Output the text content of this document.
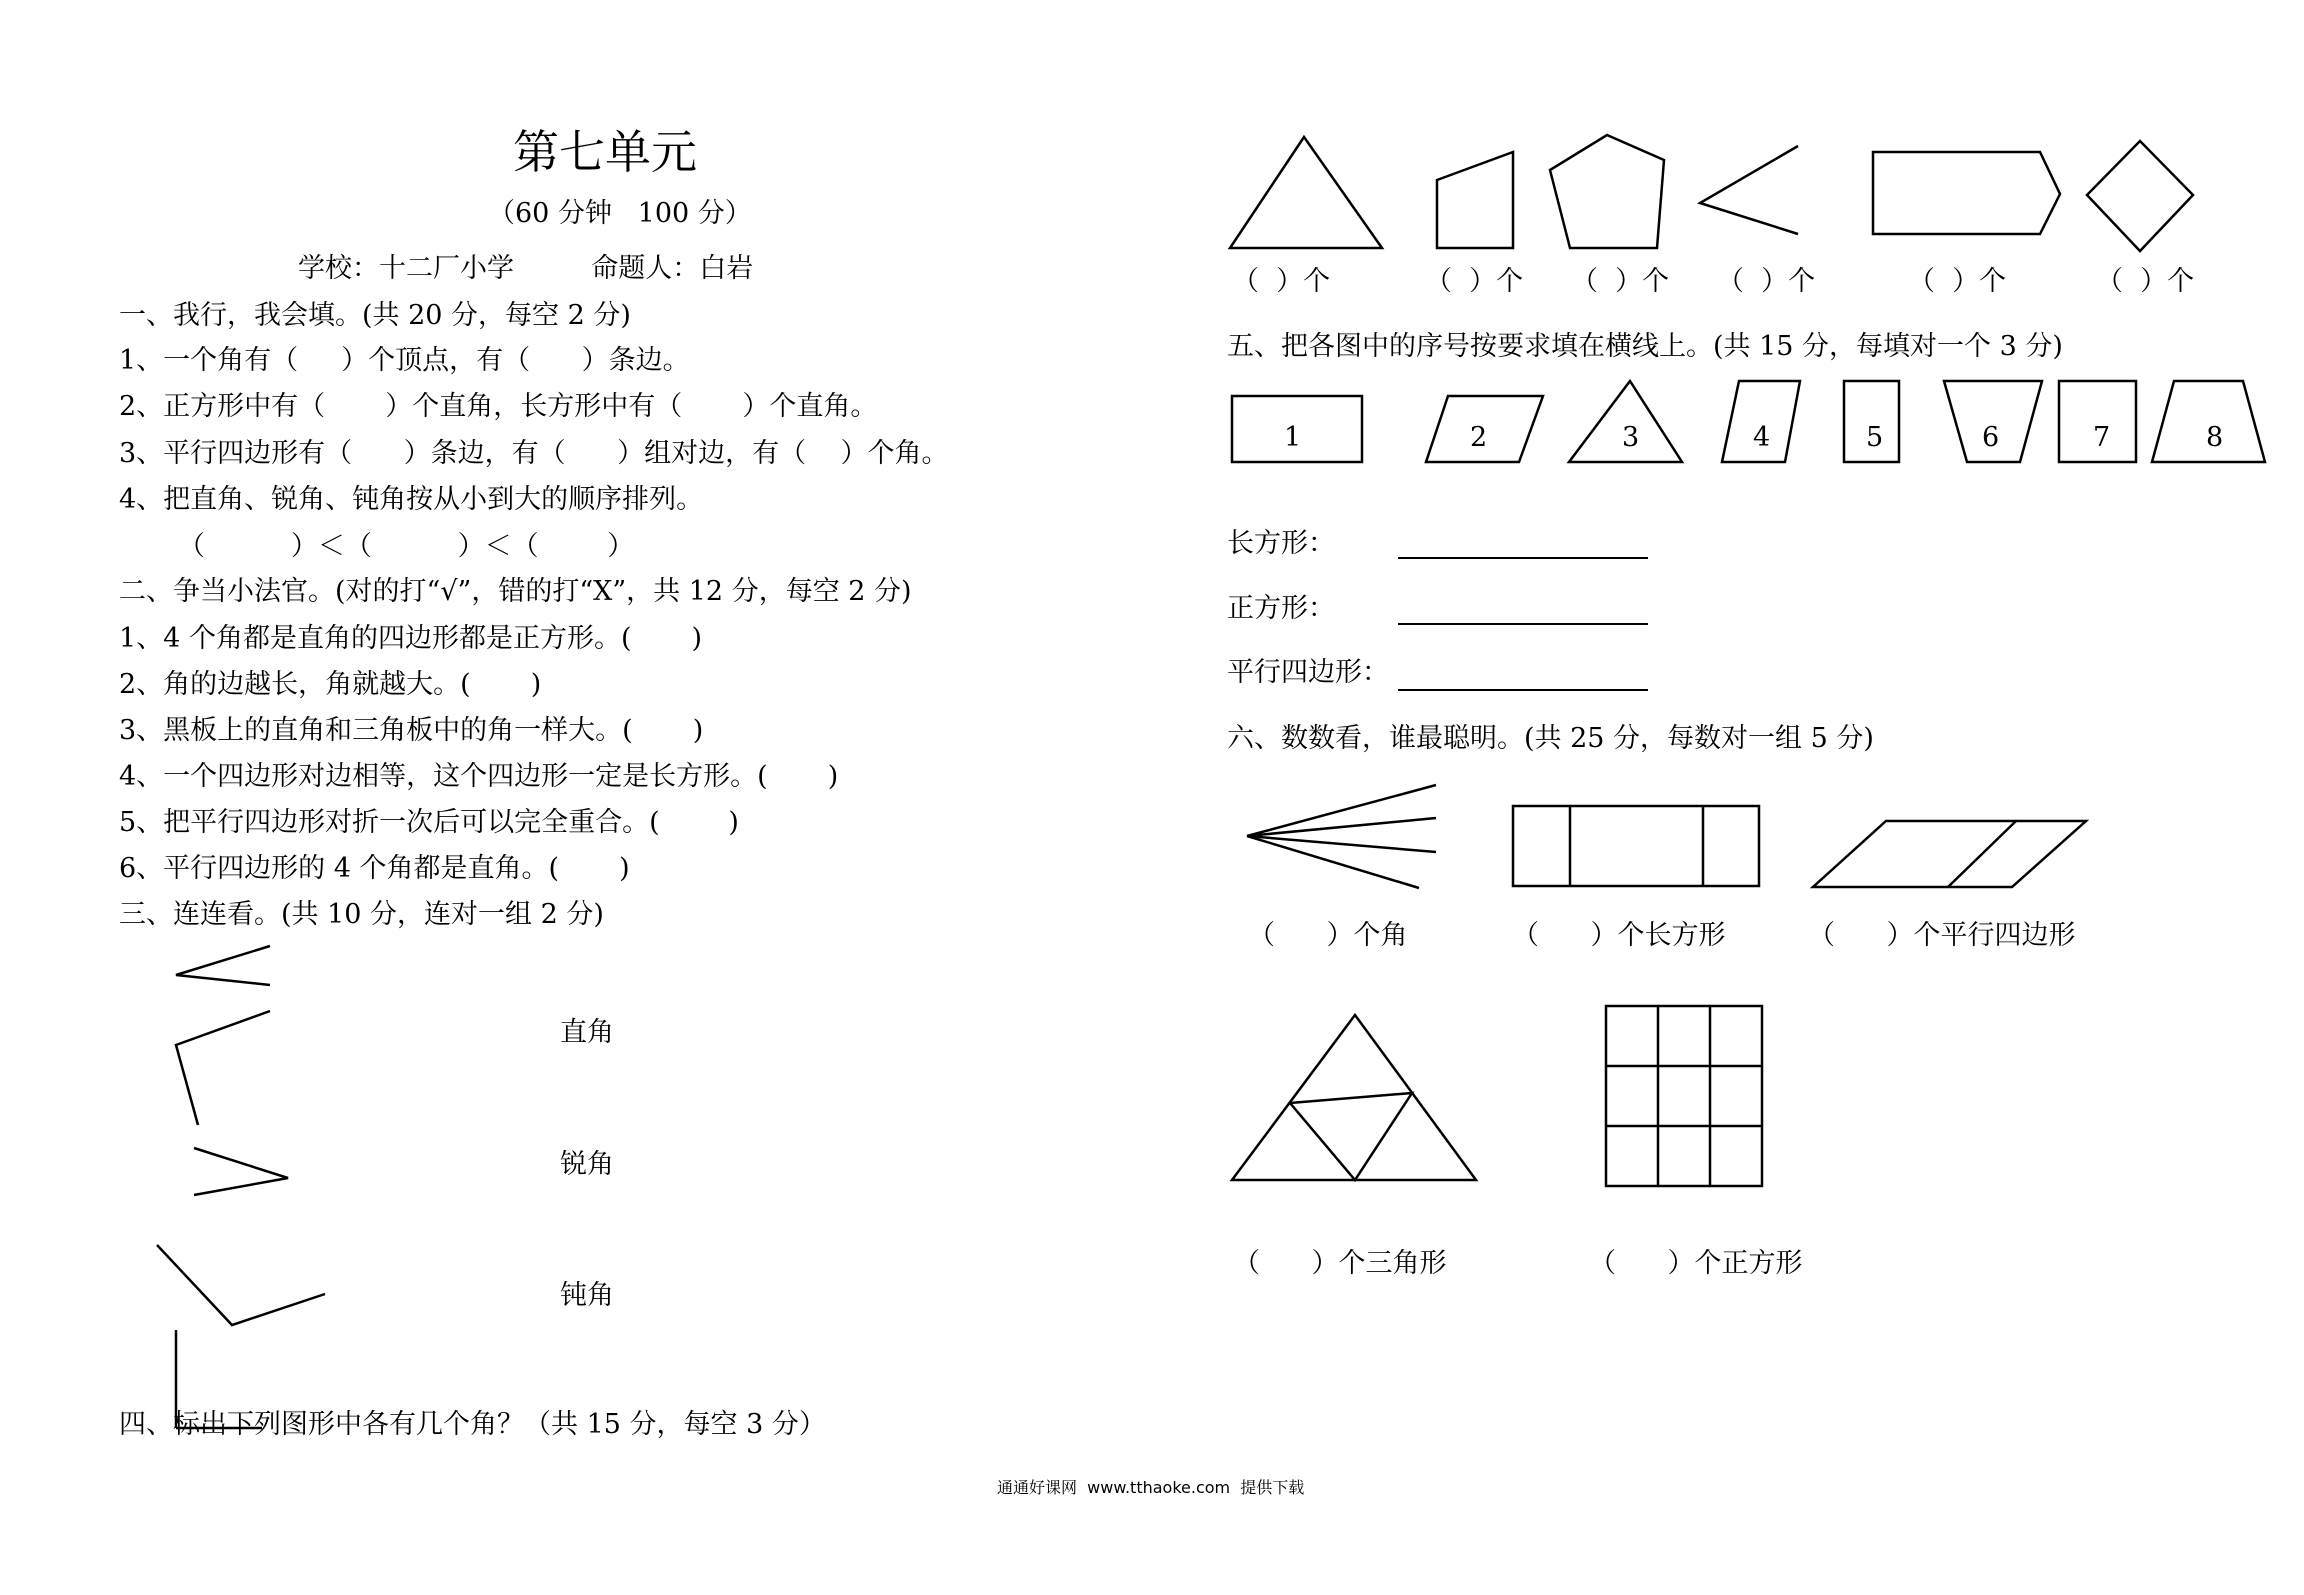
第七单元
（60 分钟   100 分）
学校：十二厂小学         命题人：白岩
一、我行，我会填。(共 20 分，每空 2 分)
1、一个角有（     ）个顶点，有（      ）条边。
2、正方形中有（       ）个直角，长方形中有（       ）个直角。
3、平行四边形有（      ）条边，有（      ）组对边，有（    ）个角。
4、把直角、锐角、钝角按从小到大的顺序排列。
（          ）＜（          ）＜（        ）
二、争当小法官。(对的打“√”，错的打“X”，共 12 分，每空 2 分)
1、4 个角都是直角的四边形都是正方形。(       )
2、角的边越长，角就越大。(       )
3、黑板上的直角和三角板中的角一样大。(       )
4、一个四边形对边相等，这个四边形一定是长方形。(       )
5、把平行四边形对折一次后可以完全重合。(        )
6、平行四边形的 4 个角都是直角。(       )
三、连连看。(共 10 分，连对一组 2 分)
直角
锐角
钝角
四、标出下列图形中各有几个角？（共 15 分，每空 3 分）
（  ）个	（  ）个 （  ）个 （  ）个	（  ）个	（  ）个
五、把各图中的序号按要求填在横线上。(共 15 分，每填对一个 3 分)
1	2	3	4	5	6	7	8
长方形：
正方形：
平行四边形：
六、数数看，谁最聪明。(共 25 分，每数对一组 5 分)
（      ）个角	（      ）个长方形	（      ）个平行四边形
（      ）个三角形	（      ）个正方形
通通好课网  www.tthaoke.com  提供下载
